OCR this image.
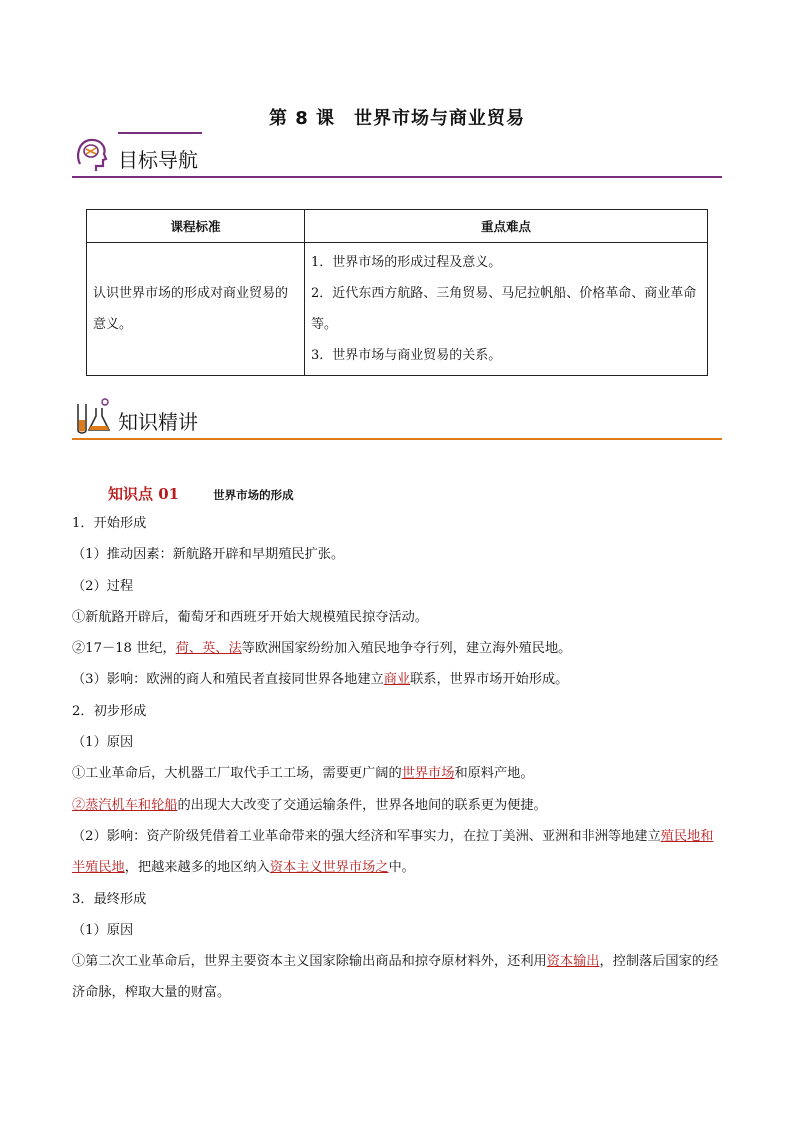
第 8 课　世界市场与商业贸易
目标导航
课程标准	重点难点
认识世界市场的形成对商业贸易的意义。	1．世界市场的形成过程及意义。
2．近代东西方航路、三角贸易、马尼拉帆船、价格革命、商业革命等。
3．世界市场与商业贸易的关系。
知识精讲
知识点 01	世界市场的形成
1．开始形成
（1）推动因素：新航路开辟和早期殖民扩张。
（2）过程
①新航路开辟后，葡萄牙和西班牙开始大规模殖民掠夺活动。
②17－18 世纪，荷、英、法等欧洲国家纷纷加入殖民地争夺行列，建立海外殖民地。
（3）影响：欧洲的商人和殖民者直接同世界各地建立商业联系，世界市场开始形成。
2．初步形成
（1）原因
①工业革命后，大机器工厂取代手工工场，需要更广阔的世界市场和原料产地。
②蒸汽机车和轮船的出现大大改变了交通运输条件，世界各地间的联系更为便捷。
（2）影响：资产阶级凭借着工业革命带来的强大经济和军事实力，在拉丁美洲、亚洲和非洲等地建立殖民地和半殖民地，把越来越多的地区纳入资本主义世界市场之中。
3．最终形成
（1）原因
①第二次工业革命后，世界主要资本主义国家除输出商品和掠夺原材料外，还利用资本输出，控制落后国家的经济命脉，榨取大量的财富。
